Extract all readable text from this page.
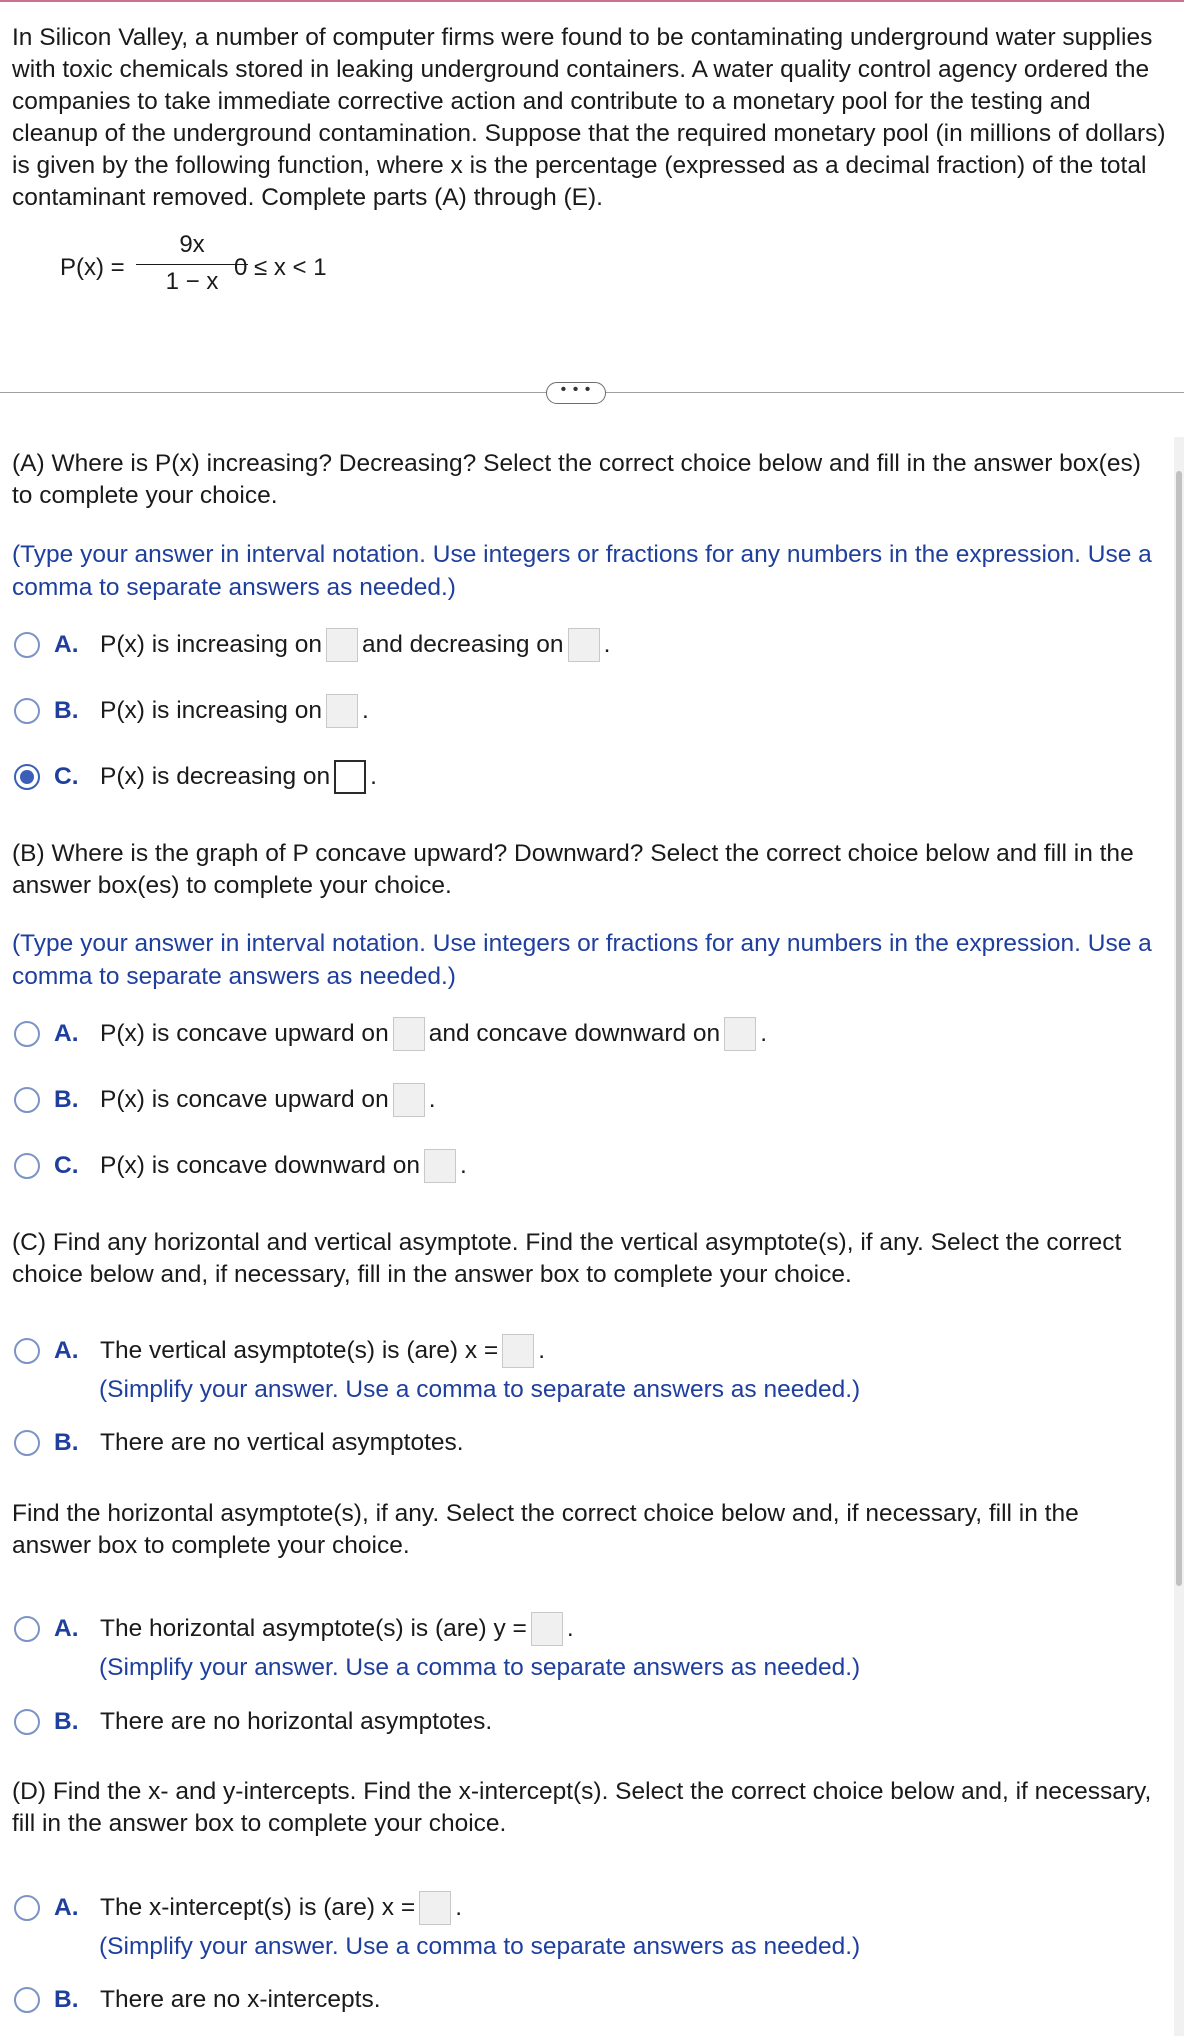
In Silicon Valley, a number of computer firms were found to be contaminating underground water supplies with toxic chemicals stored in leaking underground containers. A water quality control agency ordered the companies to take immediate corrective action and contribute to a monetary pool for the testing and cleanup of the underground contamination. Suppose that the required monetary pool (in millions of dollars) is given by the following function, where x is the percentage (expressed as a decimal fraction) of the total contaminant removed. Complete parts (A) through (E).
P(x) =
9x
1 − x
0 ≤ x < 1
• • •
(A) Where is P(x) increasing? Decreasing? Select the correct choice below and fill in the answer box(es) to complete your choice.
(Type your answer in interval notation. Use integers or fractions for any numbers in the expression. Use a comma to separate answers as needed.)
A. P(x) is increasing on and decreasing on .
B. P(x) is increasing on .
C. P(x) is decreasing on .
(B) Where is the graph of P concave upward? Downward? Select the correct choice below and fill in the answer box(es) to complete your choice.
(Type your answer in interval notation. Use integers or fractions for any numbers in the expression. Use a comma to separate answers as needed.)
A. P(x) is concave upward on and concave downward on .
B. P(x) is concave upward on .
C. P(x) is concave downward on .
(C) Find any horizontal and vertical asymptote. Find the vertical asymptote(s), if any. Select the correct choice below and, if necessary, fill in the answer box to complete your choice.
A. The vertical asymptote(s) is (are) x = .
(Simplify your answer. Use a comma to separate answers as needed.)
B. There are no vertical asymptotes.
Find the horizontal asymptote(s), if any. Select the correct choice below and, if necessary, fill in the answer box to complete your choice.
A. The horizontal asymptote(s) is (are) y = .
(Simplify your answer. Use a comma to separate answers as needed.)
B. There are no horizontal asymptotes.
(D) Find the x- and y-intercepts. Find the x-intercept(s). Select the correct choice below and, if necessary, fill in the answer box to complete your choice.
A. The x-intercept(s) is (are) x = .
(Simplify your answer. Use a comma to separate answers as needed.)
B. There are no x-intercepts.
